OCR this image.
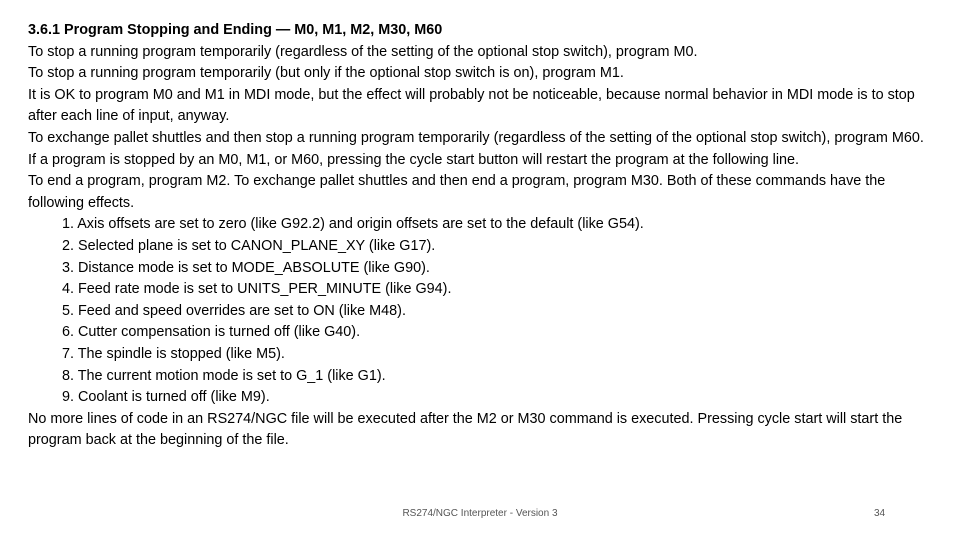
3.6.1 Program Stopping and Ending — M0, M1, M2, M30, M60

To stop a running program temporarily (regardless of the setting of the optional stop switch), program M0.

To stop a running program temporarily (but only if the optional stop switch is on), program M1.

It is OK to program M0 and M1 in MDI mode, but the effect will probably not be noticeable, because normal behavior in MDI mode is to stop after each line of input, anyway.

To exchange pallet shuttles and then stop a running program temporarily (regardless of the setting of the optional stop switch), program M60.

If a program is stopped by an M0, M1, or M60, pressing the cycle start button will restart the program at the following line.

To end a program, program M2. To exchange pallet shuttles and then end a program, program M30. Both of these commands have the following effects.

1. Axis offsets are set to zero (like G92.2) and origin offsets are set to the default (like G54).
2. Selected plane is set to CANON_PLANE_XY (like G17).
3. Distance mode is set to MODE_ABSOLUTE (like G90).
4. Feed rate mode is set to UNITS_PER_MINUTE (like G94).
5. Feed and speed overrides are set to ON (like M48).
6. Cutter compensation is turned off (like G40).
7. The spindle is stopped (like M5).
8. The current motion mode is set to G_1 (like G1).
9. Coolant is turned off (like M9).

No more lines of code in an RS274/NGC file will be executed after the M2 or M30 command is executed. Pressing cycle start will start the program back at the beginning of the file.

RS274/NGC Interpreter - Version 3	34
